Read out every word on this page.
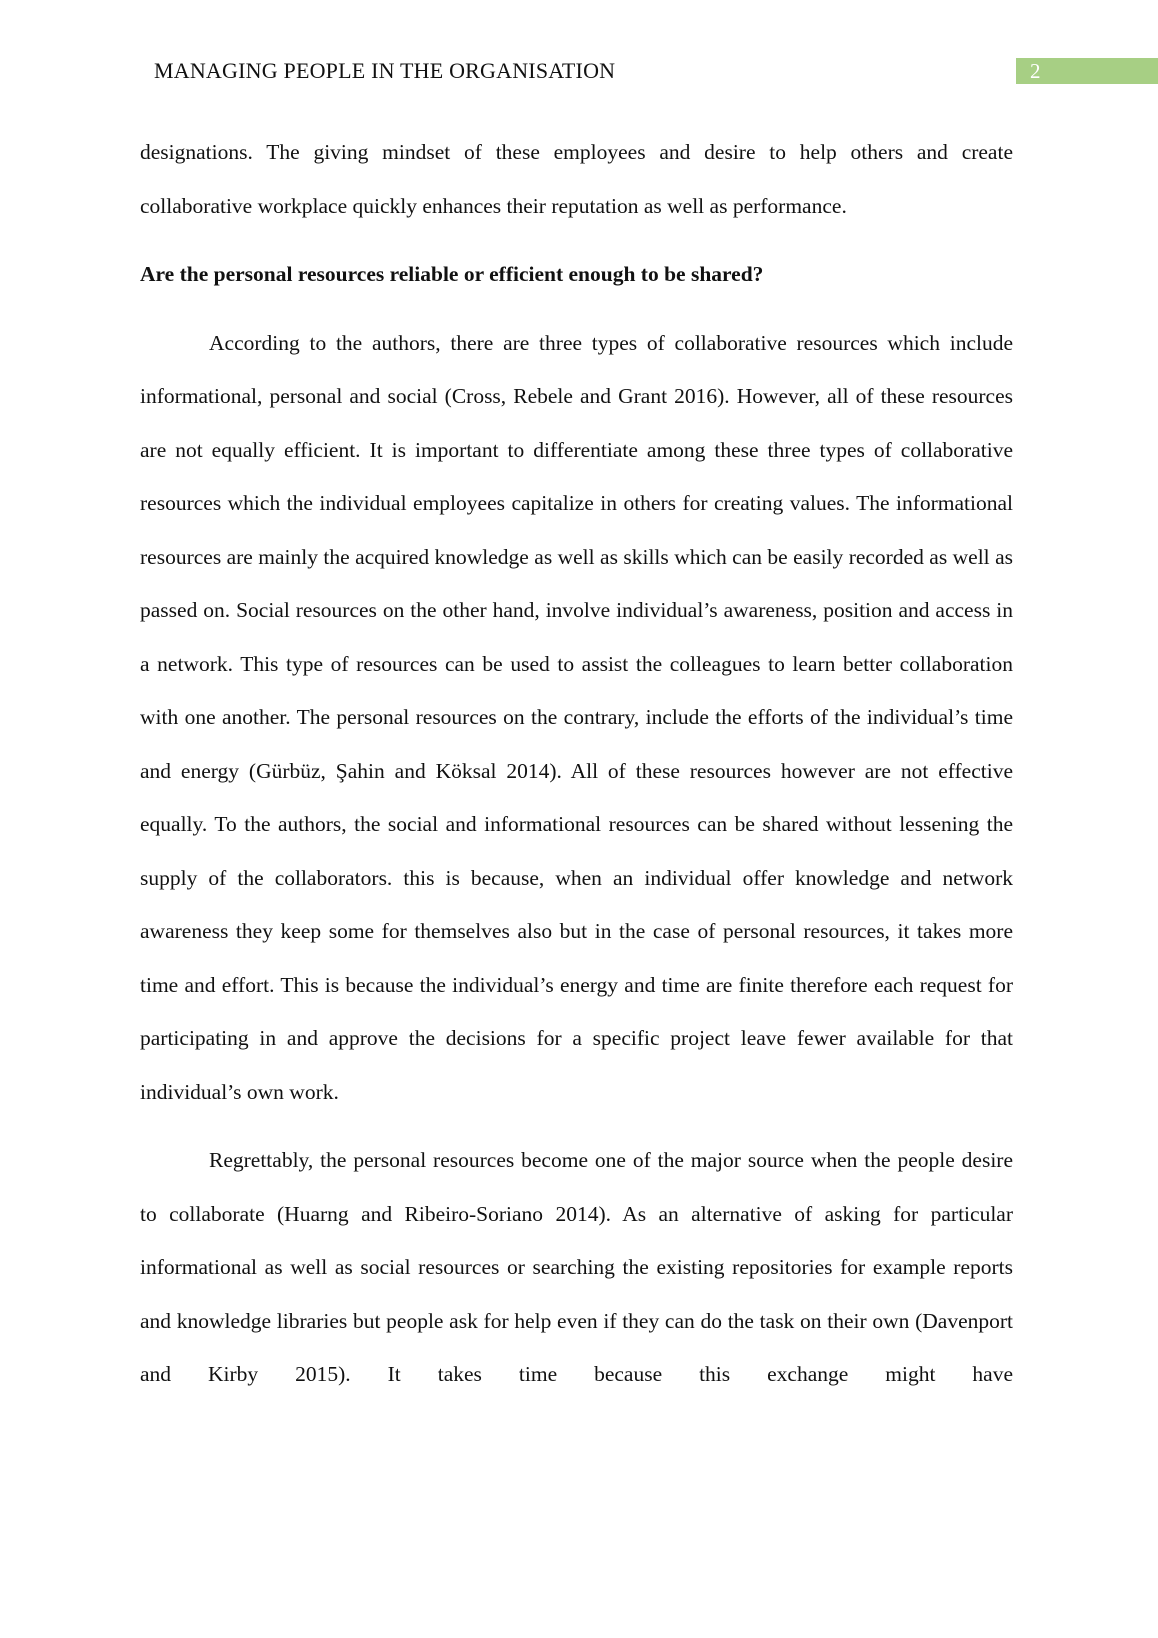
MANAGING PEOPLE IN THE ORGANISATION	2

designations. The giving mindset of these employees and desire to help others and create collaborative workplace quickly enhances their reputation as well as performance.

Are the personal resources reliable or efficient enough to be shared?

According to the authors, there are three types of collaborative resources which include informational, personal and social (Cross, Rebele and Grant 2016). However, all of these resources are not equally efficient. It is important to differentiate among these three types of collaborative resources which the individual employees capitalize in others for creating values. The informational resources are mainly the acquired knowledge as well as skills which can be easily recorded as well as passed on. Social resources on the other hand, involve individual’s awareness, position and access in a network. This type of resources can be used to assist the colleagues to learn better collaboration with one another. The personal resources on the contrary, include the efforts of the individual’s time and energy (Gürbüz, Şahin and Köksal 2014). All of these resources however are not effective equally. To the authors, the social and informational resources can be shared without lessening the supply of the collaborators. this is because, when an individual offer knowledge and network awareness they keep some for themselves also but in the case of personal resources, it takes more time and effort. This is because the individual’s energy and time are finite therefore each request for participating in and approve the decisions for a specific project leave fewer available for that individual’s own work.

Regrettably, the personal resources become one of the major source when the people desire to collaborate (Huarng and Ribeiro-Soriano 2014). As an alternative of asking for particular informational as well as social resources or searching the existing repositories for example reports and knowledge libraries but people ask for help even if they can do the task on their own (Davenport and Kirby 2015). It takes time because this exchange might have
